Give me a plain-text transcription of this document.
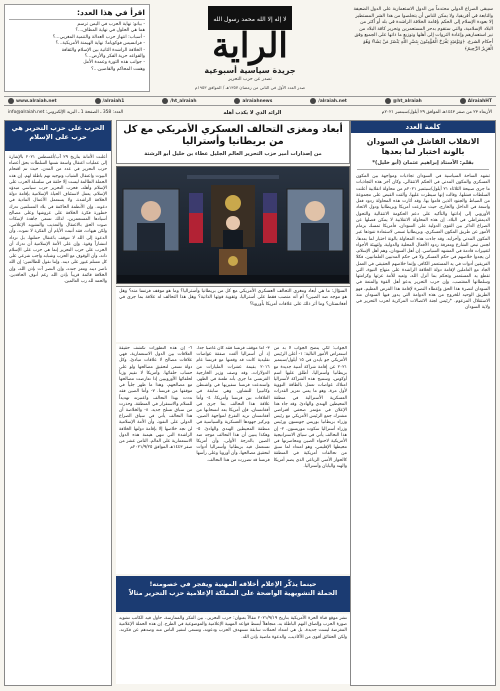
اقرأ في هذا العدد:
- بيانو: نهاية الحرب في اليمن ترسم
هما هي الحلول في نهاية المطاف...؟
- أسباب: انتهاز حزب العدالة والتنمية المغربي...؟
- فرانسيس فوكوياما: نهاية الهيمنة الأمريكية...؟
- الخلافة الراشدة الثانية بين الإسلام والثقافة
والقواعد حرية الفكر والأرض...؟
- جوانب هذه الثورة وعمدة الأمل
وهمت المحاكم والقاضين...؟
لا إله إلا الله محمد رسول الله
الراية
جريدة سياسية أسبوعية
تصدر عن حزب التحرير
صدر العدد الأول في الثاني من رمضان ١٣٥٧هـ / الموافق ١٩٥٣م
سيبقى الصراع الدولي محتدماً بين الدول الاستعمارية على الدول الضعيفة والتابعة في أفريقيا، ولا يمكن للناس أن يتخلصوا من هذا الشر المستطير إلا بعودة الإسلام إلى الحكم بإقامة الخلافة الراشدة في بلد أو أكثر من البلاد الإسلامية، والتي ستقوم بدحر المستعمرين وتحرير كافة البلاد من نير استعمارهم وإعادة الثروات إلى أهلها وتوزيع ما ذاتها على الجميع وفق أحكام الشرع. ﴿وَيَوْمَئِذٍ يَفْرَحُ الْمُؤْمِنُونَ بِنَصْرِ اللَّهِ يَنْصُرُ مَنْ يَشَاءُ وَهُوَ الْعَزِيزُ الرَّحِيمُ﴾
www.alraiah.net	/alraiah1	/ht_alraiah	alraiahnews	/alraiah.net	@ht_alraiah	AlraiahHT
الأربعاء ٢٣ من صفر ١٤٤٣هـ الموافق ٢٩ أيلول/سبتمبر ٢٠٢١م
الرائد الذي لا يكذب أهله
العدد: 358 ـ الصفحة 1 ـ البريد الإلكتروني: info@alraiah.net
كلمة العدد
الانقلاب الفاشل في السودان بالونة اختبار لما بعدها
بقلم: الأستاذ إبراهيم عثمان (أبو خليل)*
تشهد الساحة السياسية في السودان تجاذبات ومواجهة بين المكون العسكري والمكون المدني في الحكم الانتقالي، وكان آخر هذه التجاذبات ما جرى صبيحة الثلاثاء ٢١ أيلول/سبتمبر ٢٠٢١م من محاولة انقلابية أعلنت السلطات فشلها، وقالت إنها سيطرت عليها، وألقت القبض على مجموعة من الضباط والجنود الذين قاموا بها. وقد أثارت هذه المحاولة ردود فعل واسعة في الداخل والخارج، حيث سارعت أمريكا وبريطانيا ودول الاتحاد الأوروبي إلى إدانتها والتأكيد على دعم الحكومة الانتقالية والتحول الديمقراطي في البلاد. إن هذه المحاولة الانقلابية لا يمكن فصلها عن الصراع الدائر بين القوى الدولية على السودان، فأمريكا تمسك بزمام الأمور عن طريق المكون العسكري، وبريطانيا تسعى لاستعادة نفوذها عبر المكون المدني وأحزابه. وقد جاءت هذه المحاولة بالونة اختبار لما بعدها، لجس نبض الشارع ومعرفة ردود الأفعال المحلية والدولية، ولتهيئة الأجواء لتغييرات قادمة في المشهد السياسي. إن أهل السودان، وهم أهل الإسلام، لن يجدوا خلاصهم في حكم العسكر ولا في حكم المدنيين العلمانيين، فكلا الفريقين أدوات في يد المستعمر الكافر، وإنما خلاصهم الحقيقي في العمل الجاد مع العاملين لإقامة دولة الخلافة الراشدة على منهاج النبوة، التي تقطع يد المستعمر وتحكم بما أنزل الله، وتعيد للأمة عزتها وكرامتها وسلطانها المغتصب. وإن حزب التحرير يدعو أهل القوة والمنعة في السودان لنصرة هذا الحق وإعطاء النصرة لإقامة هذا الفرض العظيم، فهو الطريق الوحيد للخروج من هذه الدوامة التي يدور فيها السودان منذ الاستقلال المزعوم. *رئيس لجنة الاتصالات المركزية لحزب التحرير في ولاية السودان
أبعاد ومغزى التحالف العسكري الأمريكي مع كل من بريطانيا وأستراليا
من إصدارات أمير حزب التحرير العالم الجليل عطاء بن خليل أبو الرشتة
السؤال: ما هي أبعاد ومغزى التحالف العسكري الأمريكي مع كل من بريطانيا وأستراليا؟ وما هو موقف فرنسا منه؟ وهل هو موجه ضد الصين؟ أم أنه منصب فقط على أستراليا، وتقوية قوتها الذاتية؟ وهل هذا التحالف له علاقة بما جرى في أفغانستان؟ وما أثر ذلك على علاقات أمريكا بأوروبا؟
الجواب: لكي يتضح الجواب لا بد من استعراض الأمور التالية: ١- أعلن الرئيس الأمريكي جو بايدن في ١٥ أيلول/سبتمبر ٢٠٢١ عن إقامة شراكة أمنية جديدة مع بريطانيا وأستراليا، أطلق عليها اسم أوكوس، وستتيح هذه الشراكة لأستراليا امتلاك غواصات تعمل بالطاقة النووية لأول مرة، وهو ما يعني تعزيز القدرات العسكرية الأسترالية في منطقة المحيطين الهندي والهادئ. وقد جاء هذا الإعلان في مؤتمر صحفي افتراضي مشترك جمع الرئيس الأمريكي مع رئيس وزراء بريطانيا بوريس جونسون ورئيس وزراء أستراليا سكوت موريسون. ٢- إن هذا التحالف يأتي في سياق الاستراتيجية الأمريكية لاحتواء الصين ومحاصرتها في محيطها الإقليمي، وهو امتداد لما سبق من تحالفات أمريكية في المنطقة كالحوار الأمني الرباعي الذي يضم أمريكا والهند واليابان وأستراليا.
٣- أما موقف فرنسا فقد كان غاضباً جداً، إذ أن أستراليا ألغت صفقة غواصات تقليدية كانت قد وقعتها مع فرنسا عام ٢٠١٦ بقيمة عشرات المليارات من الدولارات، وقد وصف وزير الخارجية الفرنسي ما جرى بأنه طعنة في الظهر، واستدعت فرنسا سفيريها في واشنطن وكانبيرا للتشاور، وهي سابقة في العلاقات بين فرنسا وأمريكا. ٤- وأما علاقة هذا التحالف بما جرى في أفغانستان، فإن أمريكا بعد انسحابها من أفغانستان تريد التفرغ لمواجهة الصين، وتركيز جهودها العسكرية والسياسية في منطقة المحيطين الهندي والهادئ. ٥- وهكذا يتبين أن هذا التحالف موجه ضد الصين بالدرجة الأولى، وأن أمريكا تستعمل فيه بريطانيا وأستراليا أدوات لتحقيق مصالحها، وأن أوروبا وعلى رأسها فرنسا قد تضررت من هذا التحالف.
٦- إن هذه التطورات تكشف حقيقة العلاقات بين الدول الاستعمارية، فهي علاقات مصالح لا علاقات مبادئ، وكل دولة تسعى لتحقيق مصالحها ولو على حساب حلفائها. وأمريكا لا تقيم وزناً لحلفائها الأوروبيين إذا تعارضت مصالحها مع مصالحهم، وهذا ما ظهر جلياً في موقفها من فرنسا. ٧- وأما الصين فقد نددت بهذا التحالف واعتبرته تهديداً للسلام والاستقرار في المنطقة، وحذرت من سباق تسلح جديد. ٨- والخلاصة أن هذا التحالف يأتي في سياق الصراع الدولي على النفوذ، وأن الأمة الإسلامية لن تجد خلاصها إلا بإقامة دولتها الخلافة الراشدة التي تنهي هيمنة هذه الدول الاستعمارية على العالم. الثامن عشر من صفر ١٤٤٣هـ الموافق ٢٠٢١/٩/٢٥م
حينما يذكّر الإعلام أخلاقه المهنية ويفجر في خصومته!
الحملة التشويهية الواضحة على المملكة الإعلامية حزب التحرير مثالاً
نشر موقع قناة الحرة الأمريكية بتاريخ ٢٠٢١/٩/١٩ مقالاً بعنوان: حزب التحرير.. بين الفكر والممارسة، حاول فيه الكاتب تشويه صورة الحزب وإلصاق التهم الباطلة به، متجاهلاً أبسط قواعد المهنية الإعلامية والموضوعية في الطرح. إن هذه الحملة الإعلامية المغرضة ليست جديدة، بل هي امتداد لحملات سابقة تستهدف الحزب ودعوته، وتسعى لتنفير الناس منه وصدهم عن فكرته. ولكن الحقائق أقوى من الأكاذيب، والدعوة ماضية بإذن الله.
الحرب على حزب التحرير هي حرب على الإسلام
أعلنت الأمانة بتاريخ ٢٩ آب/أغسطس ٢٠٢١ بالإشارة إلى عمليات اعتقال واسعة شنتها السلطات بحق أعضاء حزب التحرير في عدد من المدن، حيث تم اقتحام البيوت واعتقال الشباب وتوجيه تهم باطلة لهم. إن هذه الحملة الظالمة ليست إلا حلقة في سلسلة الحرب على الإسلام وأهله، فحزب التحرير حزب سياسي مبدؤه الإسلام، يعمل لاستئناف الحياة الإسلامية بإقامة دولة الخلافة الراشدة، ولا يستعمل الأعمال المادية في دعوته. وإن الأنظمة الحاكمة في بلاد المسلمين تدرك خطورة فكرة الخلافة على عروشها وعلى مصالح أسيادها المستعمرين، لذلك تسعى جاهدة لإسكات صوت الحق بالاعتقال والتعذيب والتشويه الإعلامي. ولكن هيهات، فقد أثبتت الأيام أن الفكرة لا تموت، وأن الدعوة إلى الله لا تتوقف باعتقال حملتها، بل تزداد انتشاراً وقوة. وإن على الأمة الإسلامية أن تدرك أن الحرب على حزب التحرير إنما هي حرب على الإسلام ذاته، وأن الوقوف مع الحزب وشبابه واجب شرعي على كل مسلم غيور على دينه. وإننا نقول للظالمين: إن الله ناصر دينه ومعز جنده، وإن النصر آت بإذن الله، وإن الخلافة قائمة قريباً بإذن الله رغم أنوف الحاقدين. والحمد لله رب العالمين.
